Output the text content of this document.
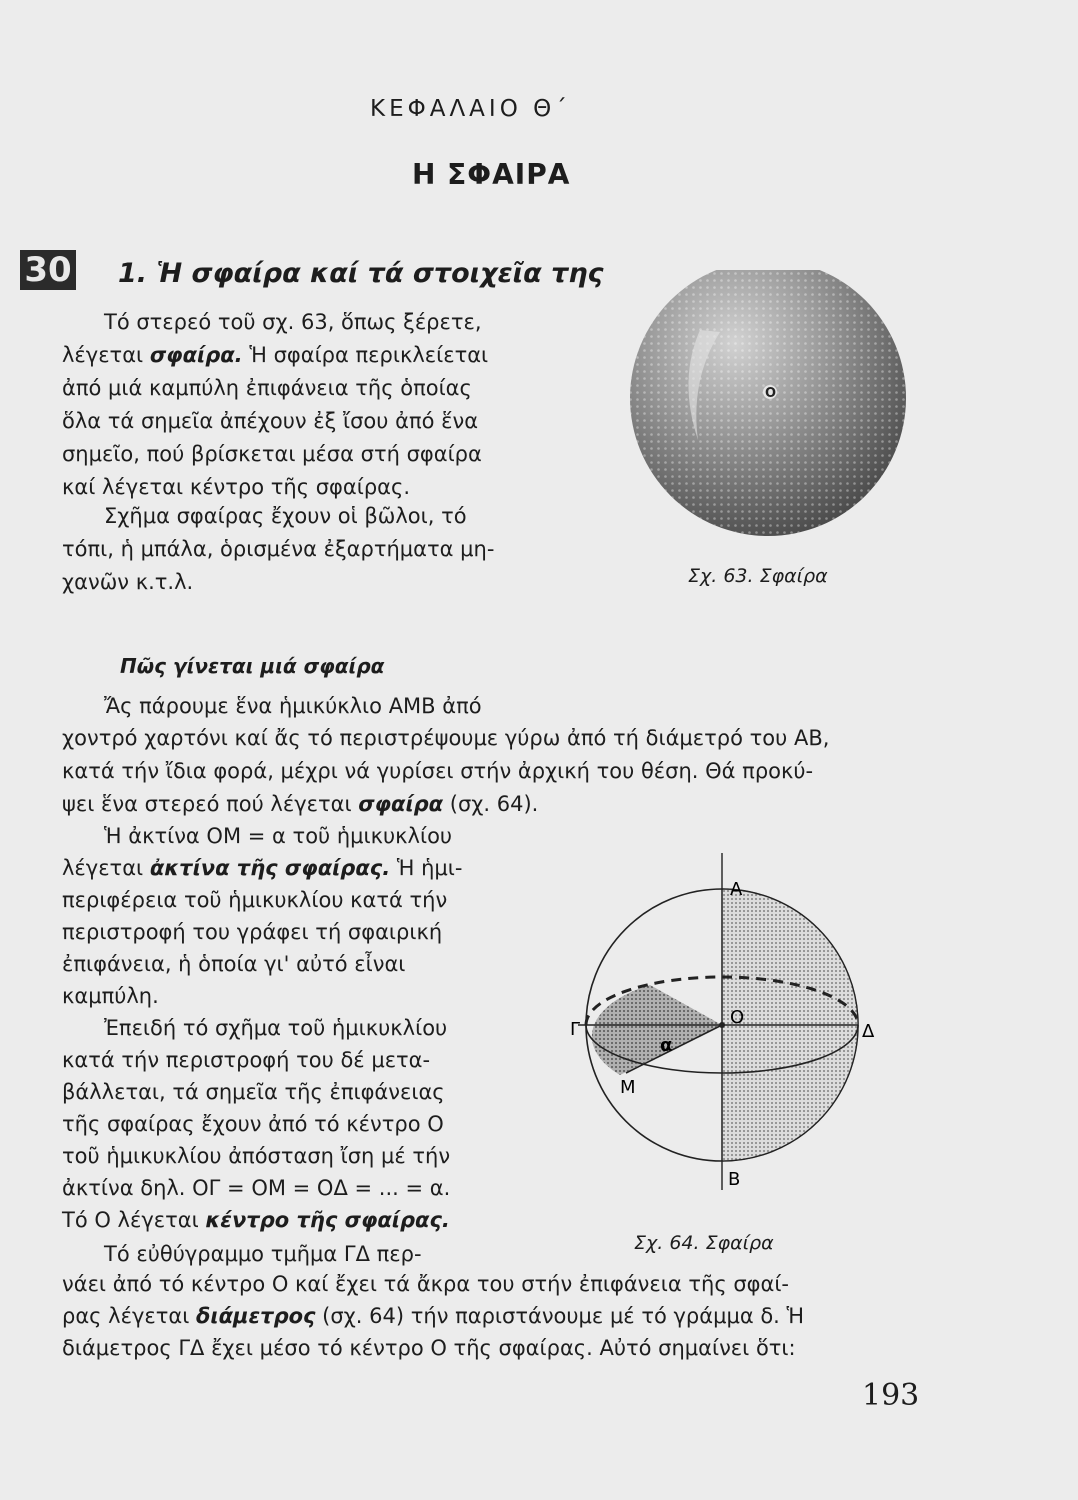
ΚΕΦΑΛΑΙΟ Θ΄
Η ΣΦΑΙΡΑ
30 1. Ἡ σφαίρα καί τά στοιχεῖα της
Τό στερεό τοῦ σχ. 63, ὅπως ξέρετε,
λέγεται σφαίρα. Ἡ σφαίρα περικλείεται
ἀπό μιά καμπύλη ἐπιφάνεια τῆς ὁποίας
ὅλα τά σημεῖα ἀπέχουν ἐξ ἴσου ἀπό ἕνα
σημεῖο, πού βρίσκεται μέσα στή σφαίρα
καί λέγεται κέντρο τῆς σφαίρας.
Σχῆμα σφαίρας ἔχουν οἱ βῶλοι, τό
τόπι, ἡ μπάλα, ὁρισμένα ἐξαρτήματα μη-
χανῶν κ.τ.λ.
O
Σχ. 63. Σφαίρα
Πῶς γίνεται μιά σφαίρα
Ἄς πάρουμε ἕνα ἡμικύκλιο ΑΜΒ ἀπό
χοντρό χαρτόνι καί ἄς τό περιστρέψουμε γύρω ἀπό τή διάμετρό του ΑΒ,
κατά τήν ἴδια φορά, μέχρι νά γυρίσει στήν ἀρχική του θέση. Θά προκύ-
ψει ἕνα στερεό πού λέγεται σφαίρα (σχ. 64).
Ἡ ἀκτίνα ΟΜ = α τοῦ ἡμικυκλίου
λέγεται ἀκτίνα τῆς σφαίρας. Ἡ ἡμι-
περιφέρεια τοῦ ἡμικυκλίου κατά τήν
περιστροφή του γράφει τή σφαιρική
ἐπιφάνεια, ἡ ὁποία γι' αὐτό εἶναι
καμπύλη.
Ἐπειδή τό σχῆμα τοῦ ἡμικυκλίου
κατά τήν περιστροφή του δέ μετα-
βάλλεται, τά σημεῖα τῆς ἐπιφάνειας
τῆς σφαίρας ἔχουν ἀπό τό κέντρο Ο
τοῦ ἡμικυκλίου ἀπόσταση ἴση μέ τήν
ἀκτίνα δηλ. ΟΓ = ΟΜ = ΟΔ = ... = α.
Τό Ο λέγεται κέντρο τῆς σφαίρας.
A
B
Γ	Δ
O
M
α
Σχ. 64. Σφαίρα
Τό εὐθύγραμμο τμῆμα ΓΔ περ-
νάει ἀπό τό κέντρο Ο καί ἔχει τά ἄκρα του στήν ἐπιφάνεια τῆς σφαί-
ρας λέγεται διάμετρος (σχ. 64) τήν παριστάνουμε μέ τό γράμμα δ. Ἡ
διάμετρος ΓΔ ἔχει μέσο τό κέντρο Ο τῆς σφαίρας. Αὐτό σημαίνει ὅτι:
193
